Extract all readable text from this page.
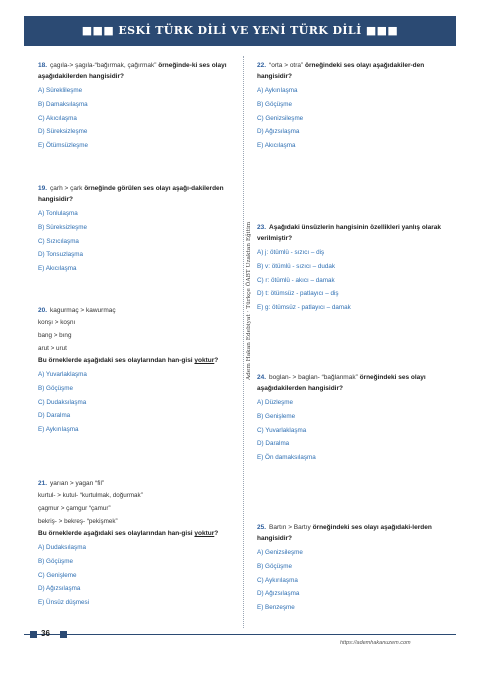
■■■ ESKİ TÜRK DİLİ VE YENİ TÜRK DİLİ ■■■
Adem Hakan Edebiyat · Türkçe ÖABT Uzaktan Eğitim
18. çagıla-> şagıla-“bağırmak, çağırmak” örneğinde-ki ses olayı aşağıdakilerden hangisidir?
A) Süreklileşme
B) Damaksılaşma
C) Akıcılaşma
D) Süreksizleşme
E) Ötümsüzleşme
19. çarh > çark örneğinde görülen ses olayı aşağı-dakilerden hangisidir?
A) Tonlulaşma
B) Süreksizleşme
C) Sızıcılaşma
D) Tonsuzlaşma
E) Akıcılaşma
20. kagurmaç > kawurmaç
konşı > koşnı
bang > bıng
arut > urut
Bu örneklerde aşağıdaki ses olaylarından han-gisi yoktur?
A) Yuvarlaklaşma
B) Göçüşme
C) Dudaksılaşma
D) Daralma
E) Aykırılaşma
21. yarıan > yagan “fil”
kurtul- > kutul- “kurtulmak, doğurmak”
çagmur > çamgur “çamur”
bekriş- > bekreş- “pekişmek”
Bu örneklerde aşağıdaki ses olaylarından han-gisi yoktur?
A) Dudaksılaşma
B) Göçüşme
C) Genişleme
D) Ağızsılaşma
E) Ünsüz düşmesi
22. “orta > otra” örneğindeki ses olayı aşağıdakiler-den hangisidir?
A) Aykırılaşma
B) Göçüşme
C) Genizsileşme
D) Ağızsılaşma
E) Akıcılaşma
23. Aşağıdaki ünsüzlerin hangisinin özellikleri yanlış olarak verilmiştir?
A) j: ötümlü - sızıcı – diş
B) v: ötümlü - sızıcı – dudak
C) r: ötümlü - akıcı – damak
D) t: ötümsüz - patlayıcı – diş
E) g: ötümsüz - patlayıcı – damak
24. boglan- > baglan- “bağlanmak” örneğindeki ses olayı aşağıdakilerden hangisidir?
A) Düzleşme
B) Genişleme
C) Yuvarlaklaşma
D) Daralma
E) Ön damaksılaşma
25. Bartın > Bartıy örneğindeki ses olayı aşağıdaki-lerden hangisidir?
A) Genizsileşme
B) Göçüşme
C) Aykırılaşma
D) Ağızsılaşma
E) Benzeşme
36
https://ademhakanuzem.com
